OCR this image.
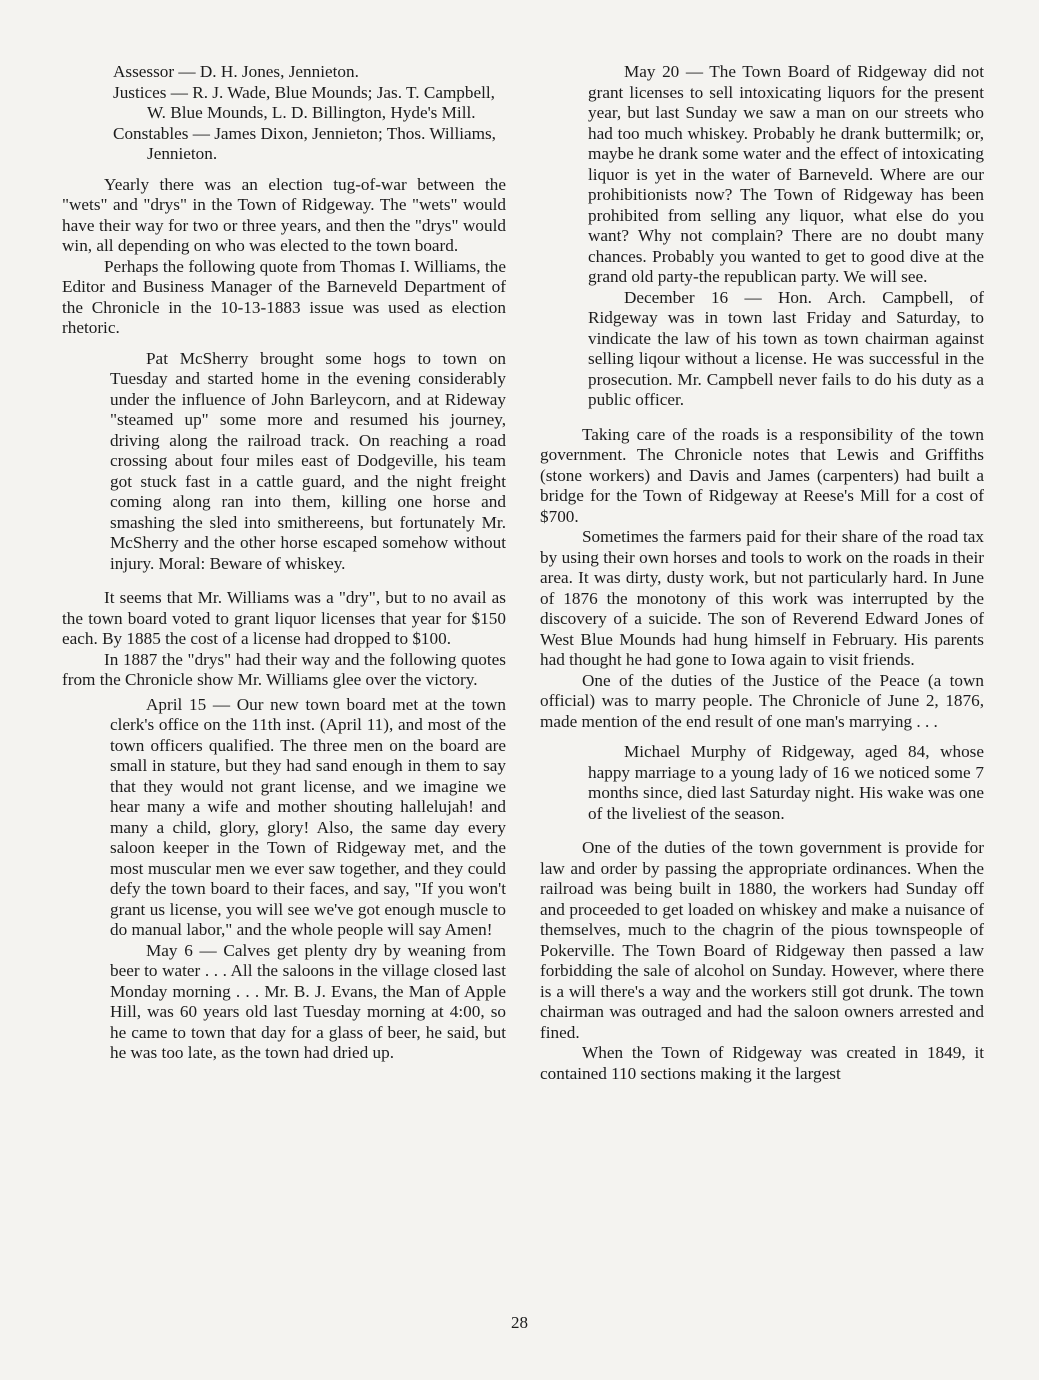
Assessor — D. H. Jones, Jennieton.

Justices — R. J. Wade, Blue Mounds; Jas. T. Campbell, W. Blue Mounds, L. D. Billington, Hyde's Mill.

Constables — James Dixon, Jennieton; Thos. Williams, Jennieton.

Yearly there was an election tug-of-war between the "wets" and "drys" in the Town of Ridgeway. The "wets" would have their way for two or three years, and then the "drys" would win, all depending on who was elected to the town board.

Perhaps the following quote from Thomas I. Williams, the Editor and Business Manager of the Barneveld Department of the Chronicle in the 10-13-1883 issue was used as election rhetoric.

Pat McSherry brought some hogs to town on Tuesday and started home in the evening considerably under the influence of John Barleycorn, and at Rideway "steamed up" some more and resumed his journey, driving along the railroad track. On reaching a road crossing about four miles east of Dodgeville, his team got stuck fast in a cattle guard, and the night freight coming along ran into them, killing one horse and smashing the sled into smithereens, but fortunately Mr. McSherry and the other horse escaped somehow without injury. Moral: Beware of whiskey.

It seems that Mr. Williams was a "dry", but to no avail as the town board voted to grant liquor licenses that year for $150 each. By 1885 the cost of a license had dropped to $100.

In 1887 the "drys" had their way and the following quotes from the Chronicle show Mr. Williams glee over the victory.

April 15 — Our new town board met at the town clerk's office on the 11th inst. (April 11), and most of the town officers qualified. The three men on the board are small in stature, but they had sand enough in them to say that they would not grant license, and we imagine we hear many a wife and mother shouting hallelujah! and many a child, glory, glory! Also, the same day every saloon keeper in the Town of Ridgeway met, and the most muscular men we ever saw together, and they could defy the town board to their faces, and say, "If you won't grant us license, you will see we've got enough muscle to do manual labor," and the whole people will say Amen!

May 6 — Calves get plenty dry by weaning from beer to water . . . All the saloons in the village closed last Monday morning . . . Mr. B. J. Evans, the Man of Apple Hill, was 60 years old last Tuesday morning at 4:00, so he came to town that day for a glass of beer, he said, but he was too late, as the town had dried up.

May 20 — The Town Board of Ridgeway did not grant licenses to sell intoxicating liquors for the present year, but last Sunday we saw a man on our streets who had too much whiskey. Probably he drank buttermilk; or, maybe he drank some water and the effect of intoxicating liquor is yet in the water of Barneveld. Where are our prohibitionists now? The Town of Ridgeway has been prohibited from selling any liquor, what else do you want? Why not complain? There are no doubt many chances. Probably you wanted to get to good dive at the grand old party-the republican party. We will see.

December 16 — Hon. Arch. Campbell, of Ridgeway was in town last Friday and Saturday, to vindicate the law of his town as town chairman against selling liqour without a license. He was successful in the prosecution. Mr. Campbell never fails to do his duty as a public officer.

Taking care of the roads is a responsibility of the town government. The Chronicle notes that Lewis and Griffiths (stone workers) and Davis and James (carpenters) had built a bridge for the Town of Ridgeway at Reese's Mill for a cost of $700.

Sometimes the farmers paid for their share of the road tax by using their own horses and tools to work on the roads in their area. It was dirty, dusty work, but not particularly hard. In June of 1876 the monotony of this work was interrupted by the discovery of a suicide. The son of Reverend Edward Jones of West Blue Mounds had hung himself in February. His parents had thought he had gone to Iowa again to visit friends.

One of the duties of the Justice of the Peace (a town official) was to marry people. The Chronicle of June 2, 1876, made mention of the end result of one man's marrying . . .

Michael Murphy of Ridgeway, aged 84, whose happy marriage to a young lady of 16 we noticed some 7 months since, died last Saturday night. His wake was one of the liveliest of the season.

One of the duties of the town government is provide for law and order by passing the appropriate ordinances. When the railroad was being built in 1880, the workers had Sunday off and proceeded to get loaded on whiskey and make a nuisance of themselves, much to the chagrin of the pious townspeople of Pokerville. The Town Board of Ridgeway then passed a law forbidding the sale of alcohol on Sunday. However, where there is a will there's a way and the workers still got drunk. The town chairman was outraged and had the saloon owners arrested and fined.

When the Town of Ridgeway was created in 1849, it contained 110 sections making it the largest

28
